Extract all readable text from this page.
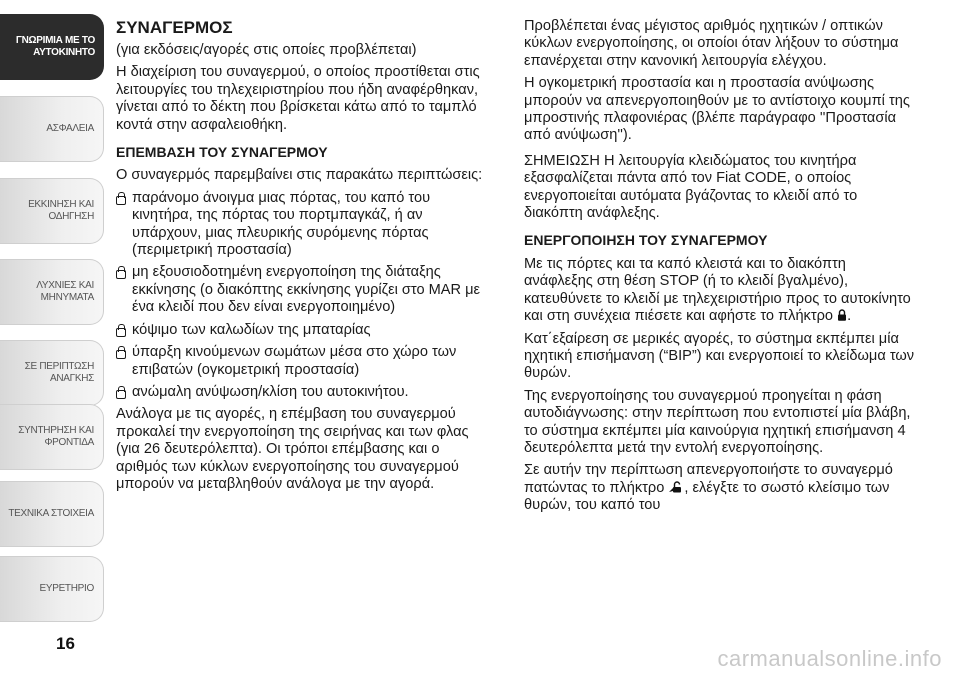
ΓΝΩΡΙΜΙΑ ΜΕ ΤΟ
ΑΥΤΟΚΙΝΗΤΟ
ΑΣΦΑΛΕΙΑ
ΕΚΚΙΝΗΣΗ ΚΑΙ
ΟΔΗΓΗΣΗ
ΛΥΧΝΙΕΣ ΚΑΙ
ΜΗΝΥΜΑΤΑ
ΣΕ ΠΕΡΙΠΤΩΣΗ
ΑΝΑΓΚΗΣ
ΣΥΝΤΗΡΗΣΗ ΚΑΙ
ΦΡΟΝΤΙΔΑ
ΤΕΧΝΙΚΑ ΣΤΟΙΧΕΙΑ
ΕΥΡΕΤΗΡΙΟ
16

ΣΥΝΑΓΕΡΜΟΣ

(για εκδόσεις/αγορές στις οποίες προβλέπεται)

Η διαχείριση του συναγερμού, ο οποίος προστίθεται στις λειτουργίες του τηλεχειριστηρίου που ήδη αναφέρθηκαν, γίνεται από το δέκτη που βρίσκεται κάτω από το ταμπλό κοντά στην ασφαλειοθήκη.

ΕΠΕΜΒΑΣΗ ΤΟΥ ΣΥΝΑΓΕΡΜΟΥ

Ο συναγερμός παρεμβαίνει στις παρακάτω περιπτώσεις:

παράνομο άνοιγμα μιας πόρτας, του καπό του κινητήρα, της πόρτας του πορτμπαγκάζ, ή αν υπάρχουν, μιας πλευρικής συρόμενης πόρτας (περιμετρική προστασία)

μη εξουσιοδοτημένη ενεργοποίηση της διάταξης εκκίνησης (ο διακόπτης εκκίνησης γυρίζει στο MAR με ένα κλειδί που δεν είναι ενεργοποιημένο)

κόψιμο των καλωδίων της μπαταρίας

ύπαρξη κινούμενων σωμάτων μέσα στο χώρο των επιβατών (ογκομετρική προστασία)

ανώμαλη ανύψωση/κλίση του αυτοκινήτου.

Ανάλογα με τις αγορές, η επέμβαση του συναγερμού προκαλεί την ενεργοποίηση της σειρήνας και των φλας (για 26 δευτερόλεπτα). Οι τρόποι επέμβασης και ο αριθμός των κύκλων ενεργοποίησης του συναγερμού μπορούν να μεταβληθούν ανάλογα με την αγορά.

Προβλέπεται ένας μέγιστος αριθμός ηχητικών / οπτικών κύκλων ενεργοποίησης, οι οποίοι όταν λήξουν το σύστημα επανέρχεται στην κανονική λειτουργία ελέγχου.

Η ογκομετρική προστασία και η προστασία ανύψωσης μπορούν να απενεργοποιηθούν με το αντίστοιχο κουμπί της μπροστινής πλαφονιέρας (βλέπε παράγραφο ''Προστασία από ανύψωση'').

ΣΗΜΕΙΩΣΗ Η λειτουργία κλειδώματος του κινητήρα εξασφαλίζεται πάντα από τον Fiat CODE, ο οποίος ενεργοποιείται αυτόματα βγάζοντας το κλειδί από το διακόπτη ανάφλεξης.

ΕΝΕΡΓΟΠΟΙΗΣΗ ΤΟΥ ΣΥΝΑΓΕΡΜΟΥ

Με τις πόρτες και τα καπό κλειστά και το διακόπτη ανάφλεξης στη θέση STOP (ή το κλειδί βγαλμένο), κατευθύνετε το κλειδί με τηλεχειριστήριο προς το αυτοκίνητο και στη συνέχεια πιέσετε και αφήστε το πλήκτρο .

Κατ΄εξαίρεση σε μερικές αγορές, το σύστημα εκπέμπει μία ηχητική επισήμανση (“BIP”) και ενεργοποιεί το κλείδωμα των θυρών.

Της ενεργοποίησης του συναγερμού προηγείται η φάση αυτοδιάγνωσης: στην περίπτωση που εντοπιστεί μία βλάβη, το σύστημα εκπέμπει μία καινούργια ηχητική επισήμανση 4 δευτερόλεπτα μετά την εντολή ενεργοποίησης.

Σε αυτήν την περίπτωση απενεργοποιήστε το συναγερμό πατώντας το πλήκτρο , ελέγξτε το σωστό κλείσιμο των θυρών, του καπό του

carmanualsonline.info
